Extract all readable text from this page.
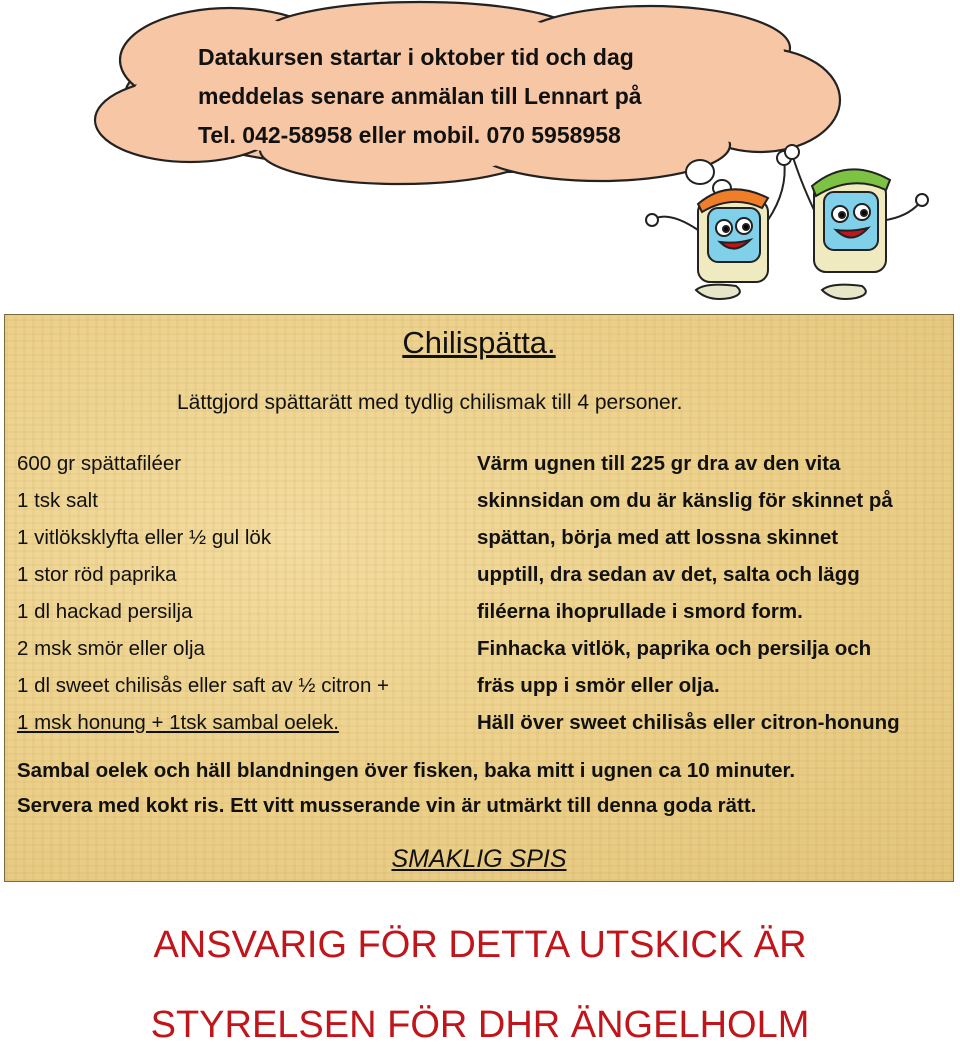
Datakursen startar i oktober tid och dag
meddelas senare anmälan till Lennart på
Tel. 042-58958 eller mobil. 070 5958958
Chilispätta.
Lättgjord spättarätt med tydlig chilismak till 4 personer.
600 gr spättafiléer
1 tsk salt
1 vitlöksklyfta eller ½ gul lök
1 stor röd paprika
1 dl hackad persilja
2 msk smör eller olja
1 dl sweet chilisås eller saft av ½ citron +
1 msk honung + 1tsk sambal oelek.
Värm ugnen till 225 gr dra av den vita
skinnsidan om du är känslig för skinnet på
spättan, börja med att lossna skinnet
upptill, dra sedan av det, salta och lägg
filéerna ihoprullade i smord form.
Finhacka vitlök, paprika och persilja och
fräs upp i smör eller olja.
Häll över sweet chilisås eller citron-honung
Sambal oelek och häll blandningen över fisken, baka mitt i ugnen ca 10 minuter.
Servera med kokt ris. Ett vitt musserande vin är utmärkt till denna goda rätt.
SMAKLIG SPIS
ANSVARIG FÖR DETTA UTSKICK ÄR
STYRELSEN FÖR DHR ÄNGELHOLM
